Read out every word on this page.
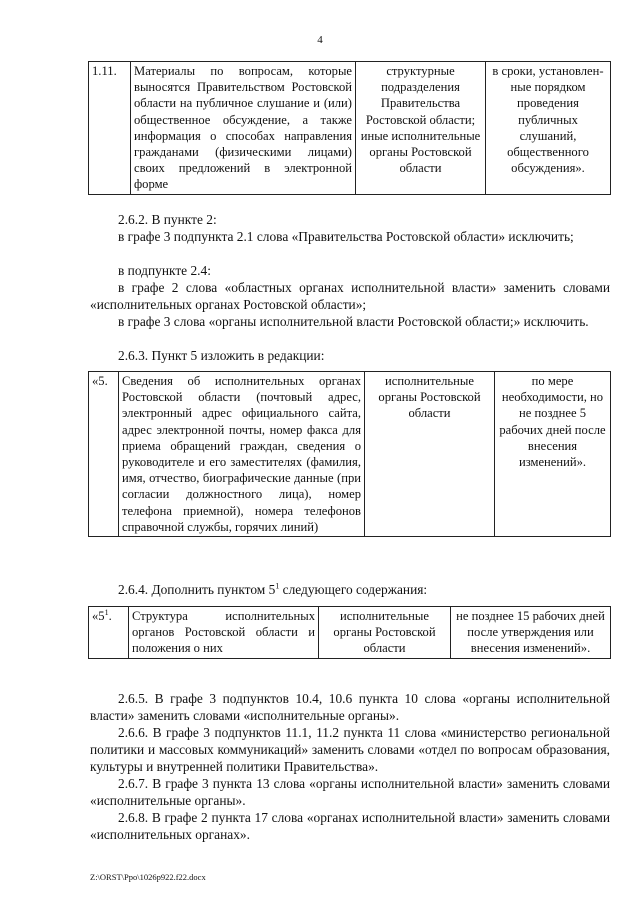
4
1.11.	Материалы по вопросам, которые выносятся Правительством Ростовской области на публичное слушание и (или) общественное обсуждение, а также информация о способах направления гражданами (физическими лицами) своих предложений в электронной форме	структурные подразделения Правительства Ростовской области; иные исполнительные органы Ростовской области	в сроки, установленные порядком проведения публичных слушаний, общественного обсуждения».
2.6.2. В пункте 2:
в графе 3 подпункта 2.1 слова «Правительства Ростовской области» исключить;
в подпункте 2.4:
в графе 2 слова «областных органах исполнительной власти» заменить словами «исполнительных органах Ростовской области»;
в графе 3 слова «органы исполнительной власти Ростовской области;» исключить.
2.6.3. Пункт 5 изложить в редакции:
«5.	Сведения об исполнительных органах Ростовской области (почтовый адрес, электронный адрес официального сайта, адрес электронной почты, номер факса для приема обращений граждан, сведения о руководителе и его заместителях (фамилия, имя, отчество, биографические данные (при согласии должностного лица), номер телефона приемной), номера телефонов справочной службы, горячих линий)	исполнительные органы Ростовской области	по мере необходимости, но не позднее 5 рабочих дней после внесения изменений».
2.6.4. Дополнить пунктом $5^1$ следующего содержания:
«$5^1$.	Структура исполнительных органов Ростовской области и положения о них	исполнительные органы Ростовской области	не позднее 15 рабочих дней после утверждения или внесения изменений».
2.6.5. В графе 3 подпунктов 10.4, 10.6 пункта 10 слова «органы исполнительной власти» заменить словами «исполнительные органы».
2.6.6. В графе 3 подпунктов 11.1, 11.2 пункта 11 слова «министерство региональной политики и массовых коммуникаций» заменить словами «отдел по вопросам образования, культуры и внутренней политики Правительства».
2.6.7. В графе 3 пункта 13 слова «органы исполнительной власти» заменить словами «исполнительные органы».
2.6.8. В графе 2 пункта 17 слова «органах исполнительной власти» заменить словами «исполнительных органах».
Z:\ORST\Ppo\1026p922.f22.docx
